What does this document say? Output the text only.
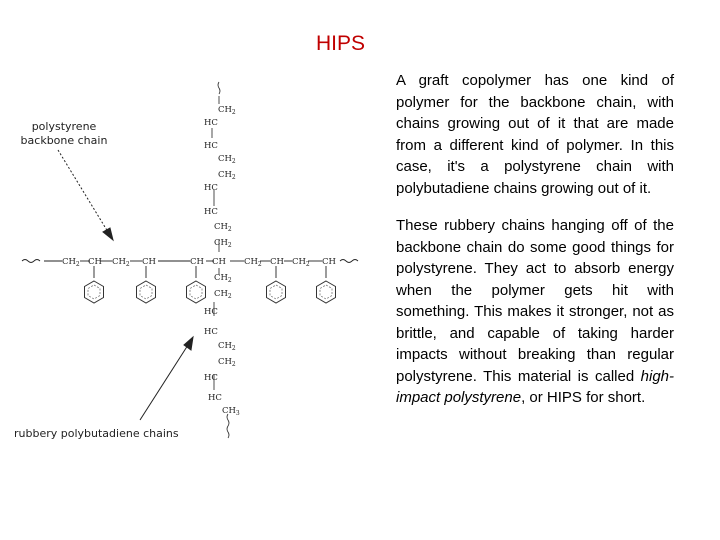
HIPS

A graft copolymer has one kind of polymer for the backbone chain, with chains growing out of it that are made from a different kind of polymer. In this case, it's a polystyrene chain with polybutadiene chains growing out of it.

These rubbery chains hanging off of the backbone chain do some good things for polystyrene. They act to absorb energy when the polymer gets hit with something. This makes it stronger, not as brittle, and capable of taking harder impacts without breaking than regular polystyrene. This material is called high-impact polystyrene, or HIPS for short.

polystyrene
backbone chain
rubbery polybutadiene chains
$CH_2$ CH $CH_2$ CH	CH CH $CH_2$ CH $CH_2$ CH
$CH_2$
HC
HC
$CH_2$
$CH_2$
HC
HC
$CH_2$
$CH_2$
$CH_2$
$CH_2$
HC
HC
$CH_2$
$CH_2$
HC
HC
$CH_3$
